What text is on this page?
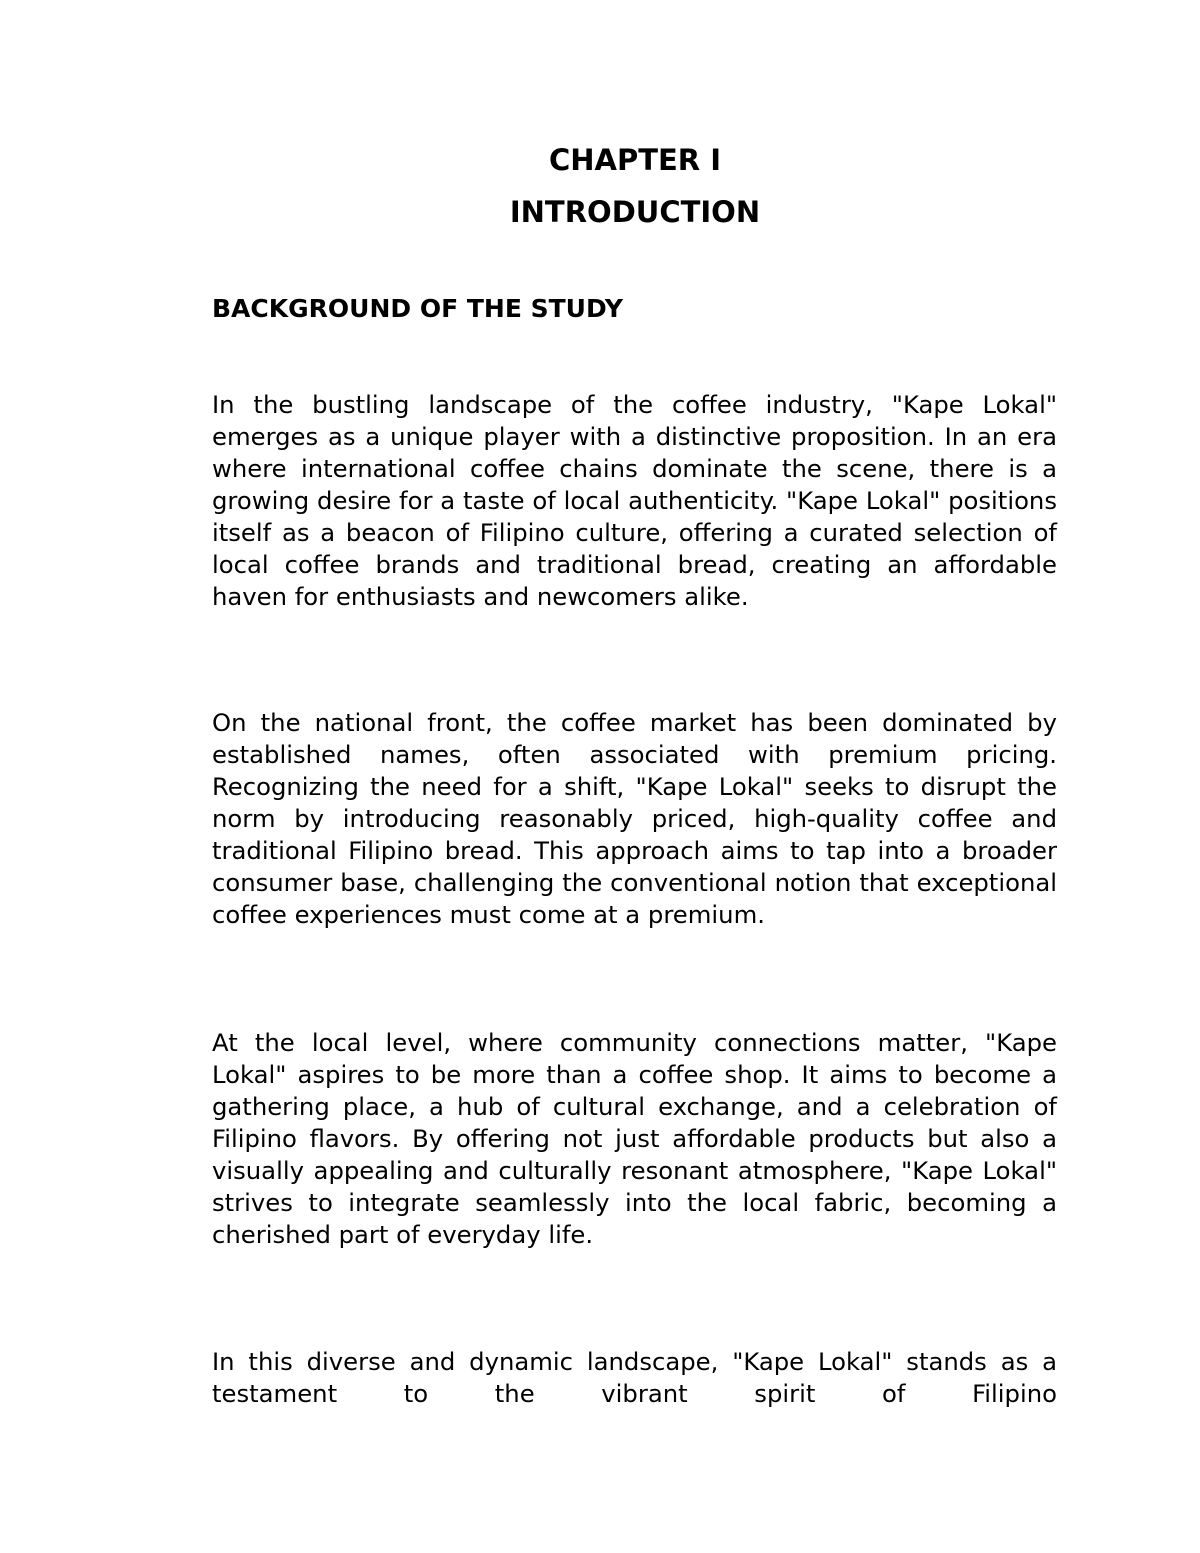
CHAPTER I
INTRODUCTION
BACKGROUND OF THE STUDY

In the bustling landscape of the coffee industry, "Kape Lokal" emerges as a unique player with a distinctive proposition. In an era where international coffee chains dominate the scene, there is a growing desire for a taste of local authenticity. "Kape Lokal" positions itself as a beacon of Filipino culture, offering a curated selection of local coffee brands and traditional bread, creating an affordable haven for enthusiasts and newcomers alike.

On the national front, the coffee market has been dominated by established names, often associated with premium pricing. Recognizing the need for a shift, "Kape Lokal" seeks to disrupt the norm by introducing reasonably priced, high-quality coffee and traditional Filipino bread. This approach aims to tap into a broader consumer base, challenging the conventional notion that exceptional coffee experiences must come at a premium.

At the local level, where community connections matter, "Kape Lokal" aspires to be more than a coffee shop. It aims to become a gathering place, a hub of cultural exchange, and a celebration of Filipino flavors. By offering not just affordable products but also a visually appealing and culturally resonant atmosphere, "Kape Lokal" strives to integrate seamlessly into the local fabric, becoming a cherished part of everyday life.

In this diverse and dynamic landscape, "Kape Lokal" stands as a testament to the vibrant spirit of Filipino
